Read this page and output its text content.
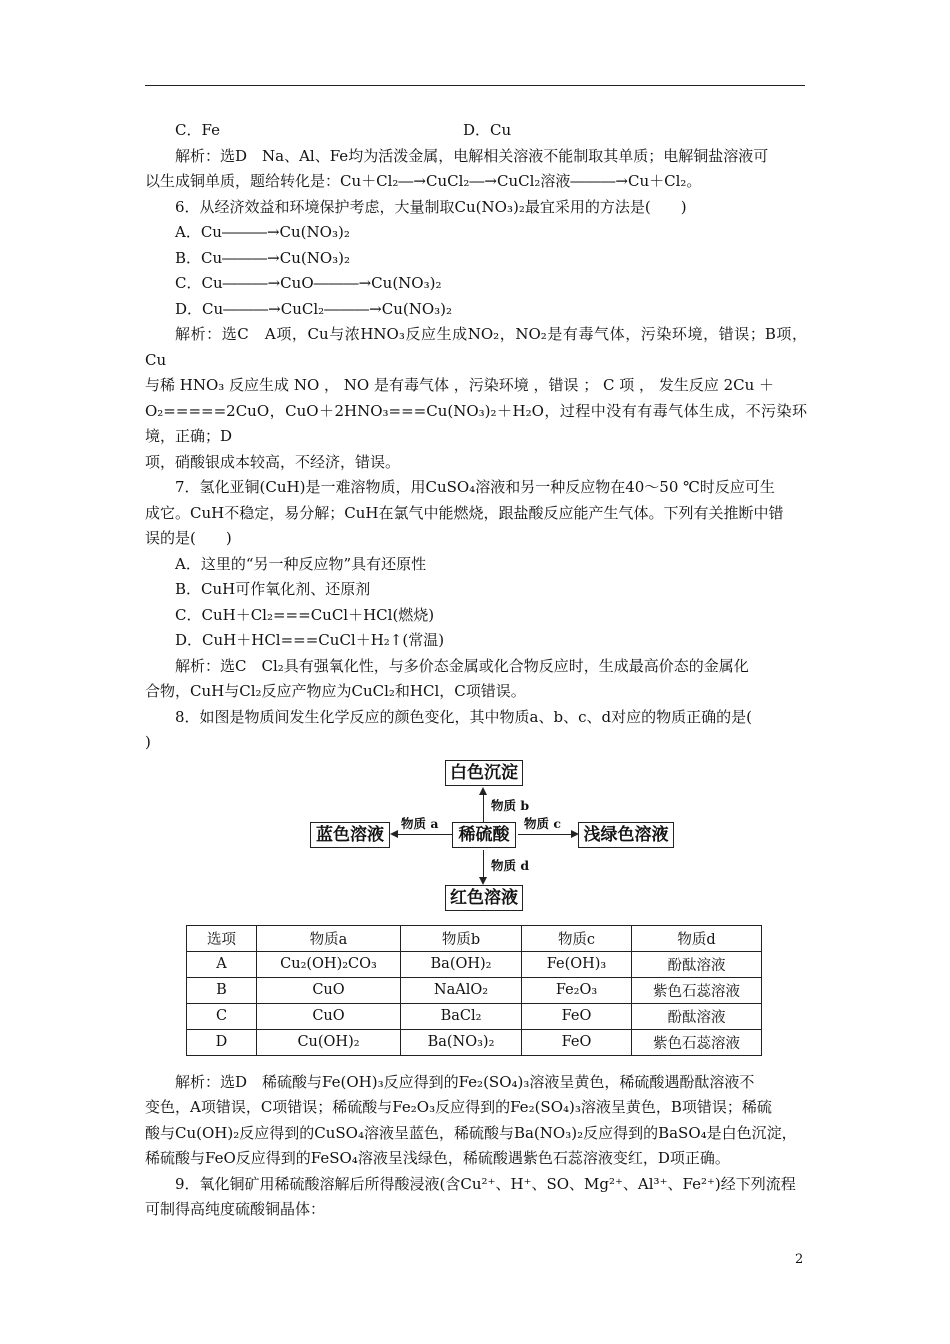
C．Fe	D．Cu

解析：选D　Na、Al、Fe均为活泼金属，电解相关溶液不能制取其单质；电解铜盐溶液可

以生成铜单质，题给转化是：Cu＋Cl₂―→CuCl₂―→CuCl₂溶液―――→Cu＋Cl₂。

6．从经济效益和环境保护考虑，大量制取Cu(NO₃)₂最宜采用的方法是(　　)

A．Cu―――→Cu(NO₃)₂

B．Cu―――→Cu(NO₃)₂

C．Cu―――→CuO―――→Cu(NO₃)₂

D．Cu―――→CuCl₂―――→Cu(NO₃)₂

解析：选C　A项，Cu与浓HNO₃反应生成NO₂，NO₂是有毒气体，污染环境，错误；B项，Cu

与稀 HNO₃ 反应生成 NO ， NO 是有毒气体 ，污染环境 ，错误 ； C 项 ， 发生反应 2Cu ＋

O₂=====2CuO，CuO＋2HNO₃===Cu(NO₃)₂＋H₂O，过程中没有有毒气体生成，不污染环境，正确；D

项，硝酸银成本较高，不经济，错误。

7．氢化亚铜(CuH)是一难溶物质，用CuSO₄溶液和另一种反应物在40～50 ℃时反应可生

成它。CuH不稳定，易分解；CuH在氯气中能燃烧，跟盐酸反应能产生气体。下列有关推断中错

误的是(　　)

A．这里的“另一种反应物”具有还原性

B．CuH可作氧化剂、还原剂

C．CuH＋Cl₂===CuCl＋HCl(燃烧)

D．CuH＋HCl===CuCl＋H₂↑(常温)

解析：选C　Cl₂具有强氧化性，与多价态金属或化合物反应时，生成最高价态的金属化

合物，CuH与Cl₂反应产物应为CuCl₂和HCl，C项错误。

8．如图是物质间发生化学反应的颜色变化，其中物质a、b、c、d对应的物质正确的是(

)

白色沉淀
蓝色溶液	稀硫酸	浅绿色溶液
红色溶液
物质 b
物质 a	物质 c
物质 d
选项	物质a	物质b	物质c	物质d
A	Cu₂(OH)₂CO₃	Ba(OH)₂	Fe(OH)₃	酚酞溶液
B	CuO	NaAlO₂	Fe₂O₃	紫色石蕊溶液
C	CuO	BaCl₂	FeO	酚酞溶液
D	Cu(OH)₂	Ba(NO₃)₂	FeO	紫色石蕊溶液

解析：选D　稀硫酸与Fe(OH)₃反应得到的Fe₂(SO₄)₃溶液呈黄色，稀硫酸遇酚酞溶液不

变色，A项错误，C项错误；稀硫酸与Fe₂O₃反应得到的Fe₂(SO₄)₃溶液呈黄色，B项错误；稀硫

酸与Cu(OH)₂反应得到的CuSO₄溶液呈蓝色，稀硫酸与Ba(NO₃)₂反应得到的BaSO₄是白色沉淀，

稀硫酸与FeO反应得到的FeSO₄溶液呈浅绿色，稀硫酸遇紫色石蕊溶液变红，D项正确。

9．氧化铜矿用稀硫酸溶解后所得酸浸液(含Cu²⁺、H⁺、SO、Mg²⁺、Al³⁺、Fe²⁺)经下列流程

可制得高纯度硫酸铜晶体：

2
